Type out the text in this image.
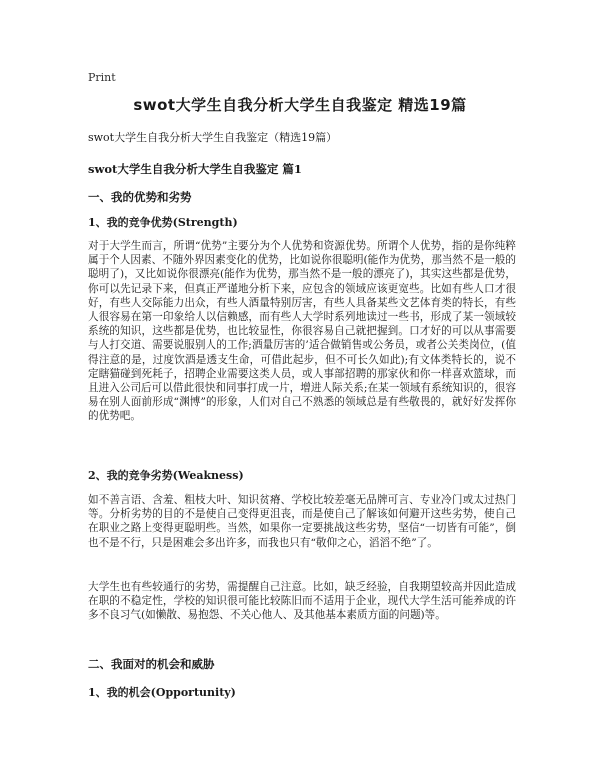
Print
swot大学生自我分析大学生自我鉴定 精选19篇

swot大学生自我分析大学生自我鉴定（精选19篇）

swot大学生自我分析大学生自我鉴定 篇1
一、我的优势和劣势
1、我的竞争优势(Strength)

对于大学生而言，所谓“优势”主要分为个人优势和资源优势。所谓个人优势，指的是你纯粹属于个人因素、不随外界因素变化的优势，比如说你很聪明(能作为优势，那当然不是一般的聪明了)，又比如说你很漂亮(能作为优势，那当然不是一般的漂亮了)，其实这些都是优势，你可以先记录下来，但真正严谨地分析下来，应包含的领域应该更宽些。比如有些人口才很好，有些人交际能力出众，有些人酒量特别厉害，有些人具备某些文艺体育类的特长，有些人很容易在第一印象给人以信赖感，而有些人大学时系列地读过一些书，形成了某一领域较系统的知识，这些都是优势，也比较显性，你很容易自己就把握到。口才好的可以从事需要与人打交道、需要说服别人的工作;酒量厉害的’适合做销售或公务员，或者公关类岗位，(值得注意的是，过度饮酒是透支生命，可借此起步，但不可长久如此);有文体类特长的，说不定瞎猫碰到死耗子，招聘企业需要这类人员，或人事部招聘的那家伙和你一样喜欢篮球，而且进入公司后可以借此很快和同事打成一片，增进人际关系;在某一领域有系统知识的，很容易在别人面前形成“渊博”的形象，人们对自己不熟悉的领域总是有些敬畏的，就好好发挥你的优势吧。

2、我的竞争劣势(Weakness)

如不善言语、含羞、粗枝大叶、知识贫瘠、学校比较差毫无品牌可言、专业冷门或太过热门等。分析劣势的目的不是使自己变得更沮丧，而是使自己了解该如何避开这些劣势，使自己在职业之路上变得更聪明些。当然，如果你一定要挑战这些劣势，坚信“一切皆有可能”，倒也不是不行，只是困难会多出许多，而我也只有“敬仰之心，滔滔不绝”了。

大学生也有些较通行的劣势，需提醒自己注意。比如，缺乏经验，自我期望较高并因此造成在职的不稳定性，学校的知识很可能比较陈旧而不适用于企业，现代大学生活可能养成的许多不良习气(如懒散、易抱怨、不关心他人、及其他基本素质方面的问题)等。

二、我面对的机会和威胁
1、我的机会(Opportunity)
